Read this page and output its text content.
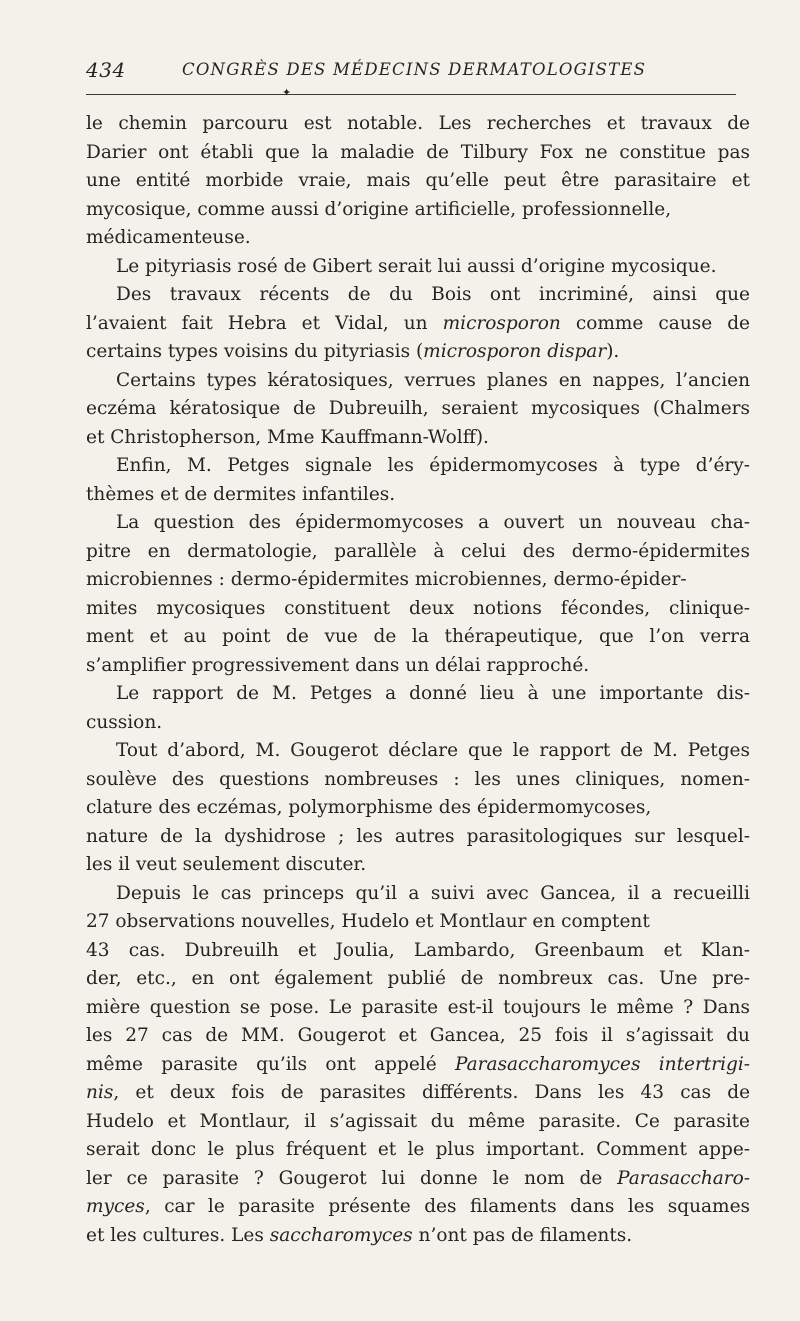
434	CONGRÈS DES MÉDECINS DERMATOLOGISTES
✦

le chemin parcouru est notable. Les recherches et travaux de

Darier ont établi que la maladie de Tilbury Fox ne constitue pas

une entité morbide vraie, mais qu’elle peut être parasitaire et

mycosique, comme aussi d’origine artificielle, professionnelle,

médicamenteuse.

Le pityriasis rosé de Gibert serait lui aussi d’origine mycosique.

Des travaux récents de du Bois ont incriminé, ainsi que

l’avaient fait Hebra et Vidal, un microsporon comme cause de

certains types voisins du pityriasis (microsporon dispar).

Certains types kératosiques, verrues planes en nappes, l’ancien

eczéma kératosique de Dubreuilh, seraient mycosiques (Chalmers

et Christopherson, Mme Kauffmann-Wolff).

Enfin, M. Petges signale les épidermomycoses à type d’éry-

thèmes et de dermites infantiles.

La question des épidermomycoses a ouvert un nouveau cha-

pitre en dermatologie, parallèle à celui des dermo-épidermites

microbiennes : dermo-épidermites microbiennes, dermo-épider-

mites mycosiques constituent deux notions fécondes, clinique-

ment et au point de vue de la thérapeutique, que l’on verra

s’amplifier progressivement dans un délai rapproché.

Le rapport de M. Petges a donné lieu à une importante dis-

cussion.

Tout d’abord, M. Gougerot déclare que le rapport de M. Petges

soulève des questions nombreuses : les unes cliniques, nomen-

clature des eczémas, polymorphisme des épidermomycoses,

nature de la dyshidrose ; les autres parasitologiques sur lesquel-

les il veut seulement discuter.

Depuis le cas princeps qu’il a suivi avec Gancea, il a recueilli

27 observations nouvelles, Hudelo et Montlaur en comptent

43 cas. Dubreuilh et Joulia, Lambardo, Greenbaum et Klan-

der, etc., en ont également publié de nombreux cas. Une pre-

mière question se pose. Le parasite est-il toujours le même ? Dans

les 27 cas de MM. Gougerot et Gancea, 25 fois il s’agissait du

même parasite qu’ils ont appelé Parasaccharomyces intertrigi-

nis, et deux fois de parasites différents. Dans les 43 cas de

Hudelo et Montlaur, il s’agissait du même parasite. Ce parasite

serait donc le plus fréquent et le plus important. Comment appe-

ler ce parasite ? Gougerot lui donne le nom de Parasaccharo-

myces, car le parasite présente des filaments dans les squames

et les cultures. Les saccharomyces n’ont pas de filaments.
